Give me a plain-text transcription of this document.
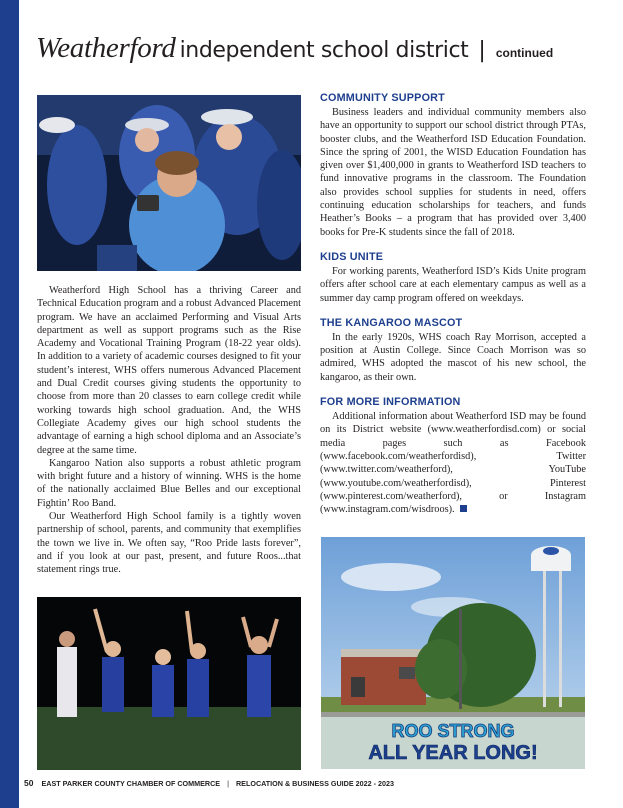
Weatherford independent school district | continued

Weatherford High School has a thriving Career and Technical Education program and a robust Advanced Placement program. We have an acclaimed Performing and Visual Arts department as well as support programs such as the Rise Academy and Vocational Training Program (18-22 year olds). In addition to a variety of academic courses designed to fit your student’s interest, WHS offers numerous Advanced Placement and Dual Credit courses giving students the opportunity to choose from more than 20 classes to earn college credit while working towards high school graduation. And, the WHS Collegiate Academy gives our high school students the advantage of earning a high school diploma and an Associate’s degree at the same time.

Kangaroo Nation also supports a robust athletic program with bright future and a history of winning. WHS is the home of the nationally acclaimed Blue Belles and our exceptional Fightin’ Roo Band.

Our Weatherford High School family is a tightly woven partnership of school, parents, and community that exemplifies the town we live in. We often say, “Roo Pride lasts forever”, and if you look at our past, present, and future Roos...that statement rings true.

COMMUNITY SUPPORT

Business leaders and individual community members also have an opportunity to support our school district through PTAs, booster clubs, and the Weatherford ISD Education Foundation. Since the spring of 2001, the WISD Education Foundation has given over $1,400,000 in grants to Weatherford ISD teachers to fund innovative programs in the classroom. The Foundation also provides school supplies for students in need, offers continuing education scholarships for teachers, and funds Heather’s Books – a program that has provided over 3,400 books for Pre-K students since the fall of 2018.

KIDS UNITE

For working parents, Weatherford ISD’s Kids Unite program offers after school care at each elementary campus as well as a summer day camp program offered on weekdays.

THE KANGAROO MASCOT

In the early 1920s, WHS coach Ray Morrison, accepted a position at Austin College. Since Coach Morrison was so admired, WHS adopted the mascot of his new school, the kangaroo, as their own.

FOR MORE INFORMATION

Additional information about Weatherford ISD may be found on its District website (www.weatherfordisd.com) or social media pages such as Facebook (www.facebook.com/weatherfordisd), Twitter (www.twitter.com/weatherford), YouTube (www.youtube.com/weatherfordisd), Pinterest (www.pinterest.com/weatherford), or Instagram (www.instagram.com/wisdroos).

ROO STRONG
ALL YEAR LONG!
50 EAST PARKER COUNTY CHAMBER OF COMMERCE | RELOCATION & BUSINESS GUIDE 2022 - 2023
